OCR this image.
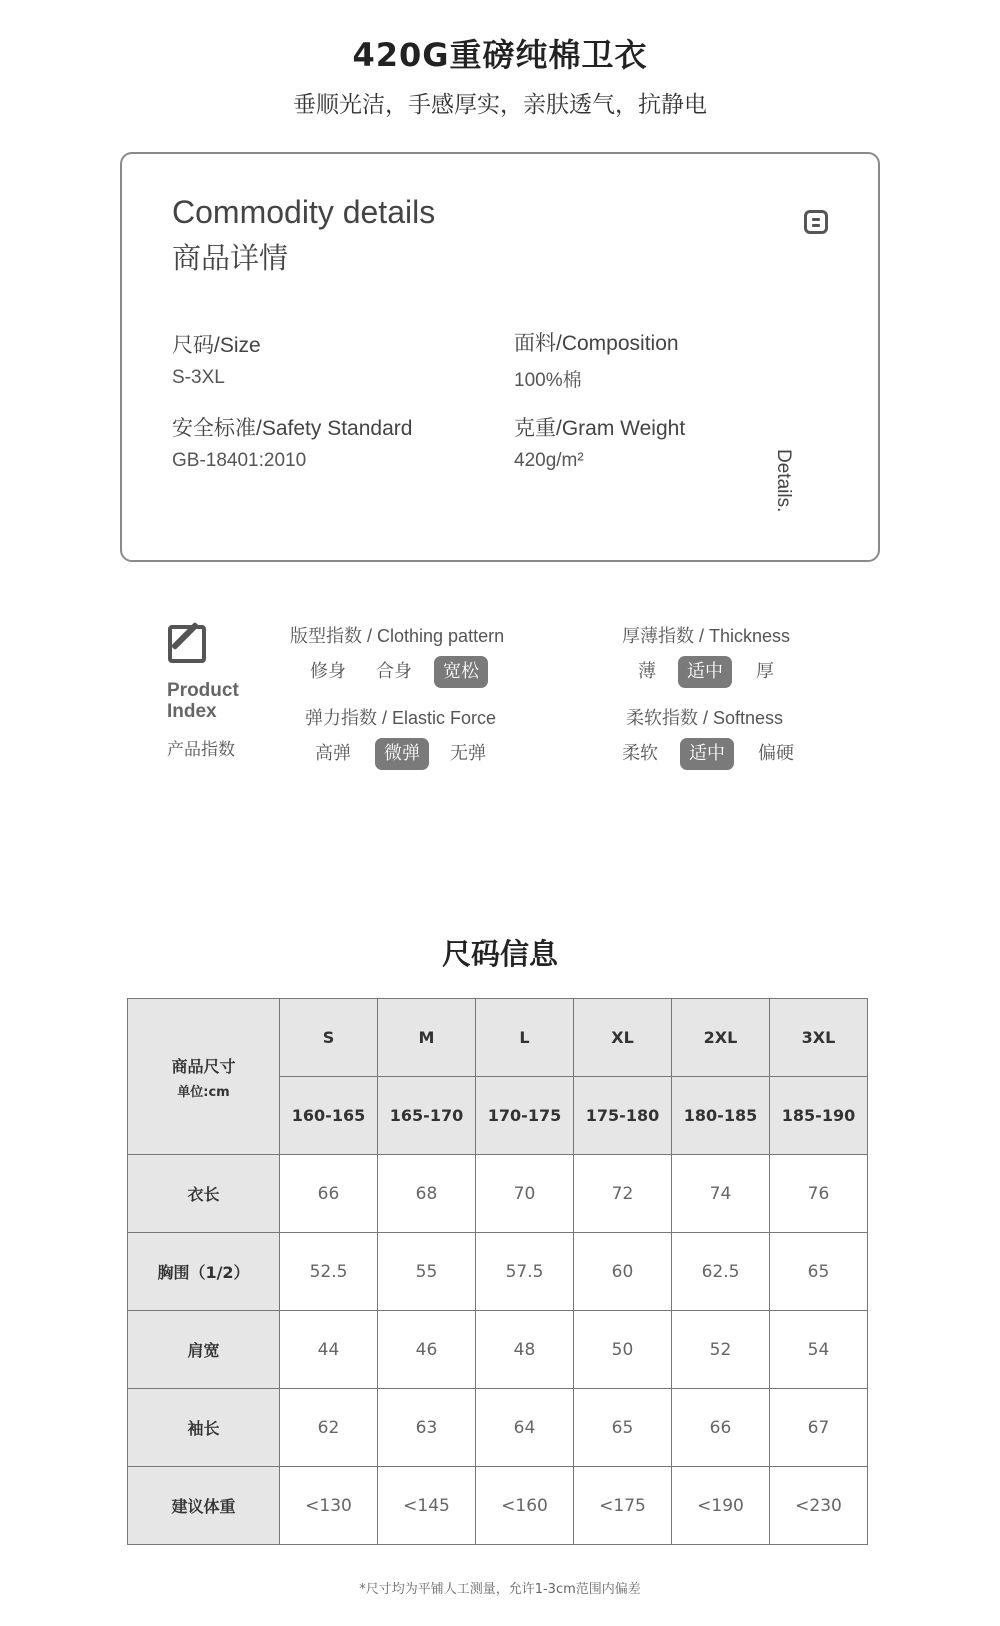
420G重磅纯棉卫衣
垂顺光洁，手感厚实，亲肤透气，抗静电
Commodity details
商品详情
尺码/Size
S-3XL
面料/Composition
100%棉
安全标准/Safety Standard
GB-18401:2010
克重/Gram Weight
420g/m²	Details.
Product
Index
产品指数
版型指数 / Clothing pattern
修身 合身	宽松
厚薄指数 / Thickness
薄	适中	厚
弹力指数 / Elastic Force
高弹	微弹	无弹
柔软指数 / Softness
柔软	适中	偏硬
尺码信息
商品尺寸
单位:cm	S	M	L	XL	2XL	3XL
	160-165	165-170	170-175	175-180	180-185	185-190
衣长	66	68	70	72	74	76
胸围（1/2）	52.5	55	57.5	60	62.5	65
肩宽	44	46	48	50	52	54
袖长	62	63	64	65	66	67
建议体重	<130	<145	<160	<175	<190	<230
*尺寸均为平铺人工测量，允许1-3cm范围内偏差
